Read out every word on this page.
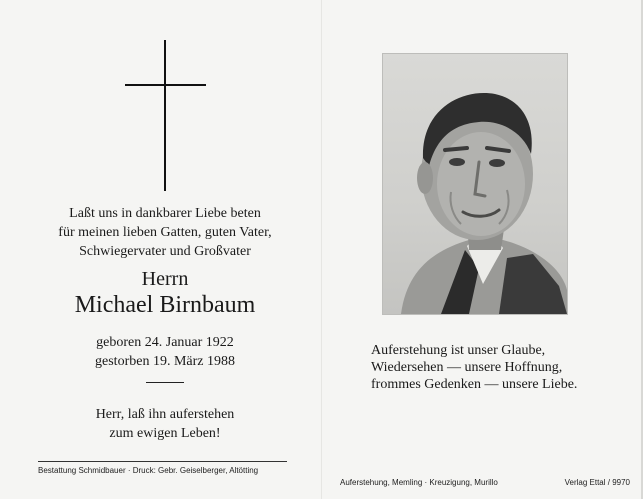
Laßt uns in dankbarer Liebe beten
für meinen lieben Gatten, guten Vater,
Schwiegervater und Großvater
Herrn
Michael Birnbaum
geboren 24. Januar 1922
gestorben 19. März 1988
Herr, laß ihn auferstehen
zum ewigen Leben!
Bestattung Schmidbauer · Druck: Gebr. Geiselberger, Altötting
Auferstehung ist unser Glaube,
Wiedersehen — unsere Hoffnung,
frommes Gedenken — unsere Liebe.
Auferstehung, Memling · Kreuzigung, Murillo	Verlag Ettal / 9970
